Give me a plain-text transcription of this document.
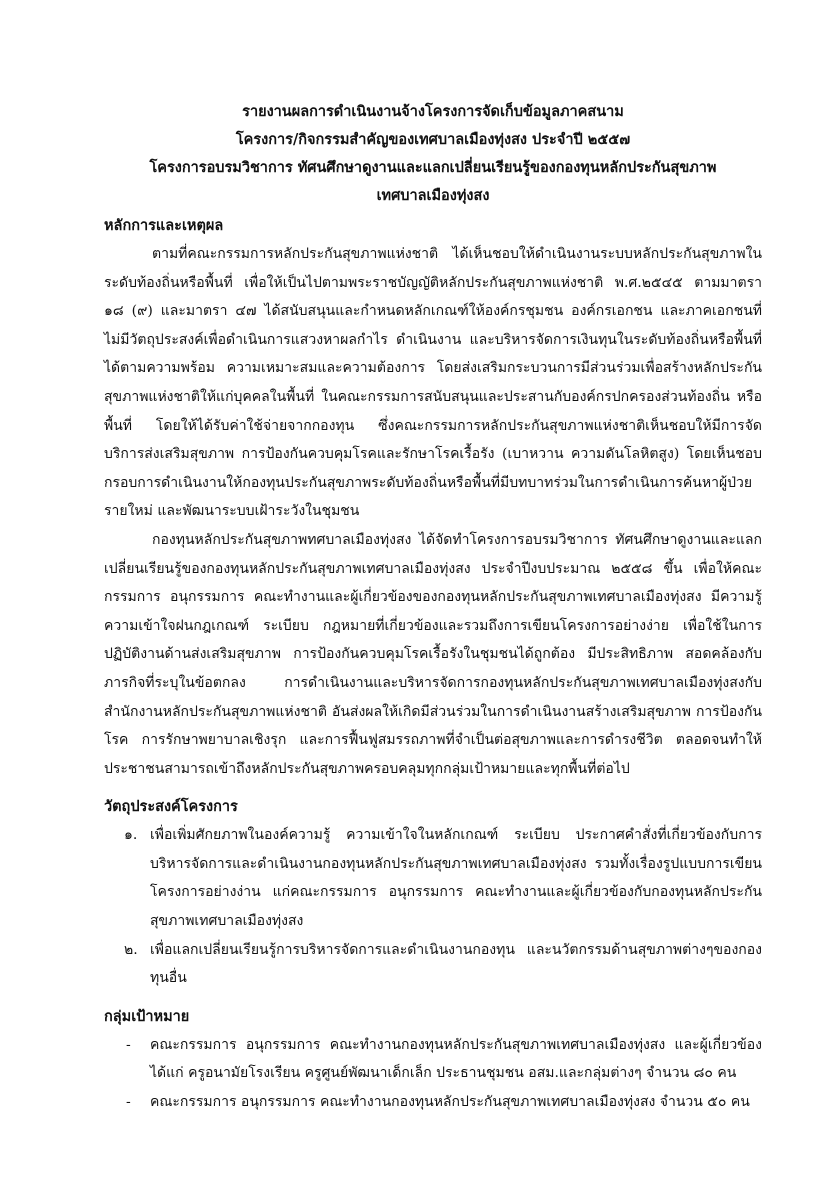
รายงานผลการดำเนินงานจ้างโครงการจัดเก็บข้อมูลภาคสนาม

โครงการ/กิจกรรมสำคัญของเทศบาลเมืองทุ่งสง ประจำปี ๒๕๕๗

โครงการอบรมวิชาการ ทัศนศึกษาดูงานและแลกเปลี่ยนเรียนรู้ของกองทุนหลักประกันสุขภาพ

เทศบาลเมืองทุ่งสง

หลักการและเหตุผล

ตามที่คณะกรรมการหลักประกันสุขภาพแห่งชาติ ได้เห็นชอบให้ดำเนินงานระบบหลักประกันสุขภาพในระดับท้องถิ่นหรือพื้นที่ เพื่อให้เป็นไปตามพระราชบัญญัติหลักประกันสุขภาพแห่งชาติ พ.ศ.๒๕๔๕ ตามมาตรา ๑๘ (๙) และมาตรา ๔๗ ได้สนับสนุนและกำหนดหลักเกณฑ์ให้องค์กรชุมชน องค์กรเอกชน และภาคเอกชนที่ไม่มีวัตถุประสงค์เพื่อดำเนินการแสวงหาผลกำไร ดำเนินงาน และบริหารจัดการเงินทุนในระดับท้องถิ่นหรือพื้นที่ได้ตามความพร้อม ความเหมาะสมและความต้องการ โดยส่งเสริมกระบวนการมีส่วนร่วมเพื่อสร้างหลักประกันสุขภาพแห่งชาติให้แก่บุคคลในพื้นที่ ในคณะกรรมการสนับสนุนและประสานกับองค์กรปกครองส่วนท้องถิ่น หรือพื้นที่ โดยให้ได้รับค่าใช้จ่ายจากกองทุน ซึ่งคณะกรรมการหลักประกันสุขภาพแห่งชาติเห็นชอบให้มีการจัดบริการส่งเสริมสุขภาพ การป้องกันควบคุมโรคและรักษาโรคเรื้อรัง (เบาหวาน ความดันโลหิตสูง) โดยเห็นชอบกรอบการดำเนินงานให้กองทุนประกันสุขภาพระดับท้องถิ่นหรือพื้นที่มีบทบาทร่วมในการดำเนินการค้นหาผู้ป่วยรายใหม่ และพัฒนาระบบเฝ้าระวังในชุมชน

กองทุนหลักประกันสุขภาพทศบาลเมืองทุ่งสง ได้จัดทำโครงการอบรมวิชาการ ทัศนศึกษาดูงานและแลกเปลี่ยนเรียนรู้ของกองทุนหลักประกันสุขภาพเทศบาลเมืองทุ่งสง ประจำปีงบประมาณ ๒๕๕๘ ขึ้น เพื่อให้คณะกรรมการ อนุกรรมการ คณะทำงานและผู้เกี่ยวข้องของกองทุนหลักประกันสุขภาพเทศบาลเมืองทุ่งสง มีความรู้ ความเข้าใจฝนกฎเกณฑ์ ระเบียบ กฎหมายที่เกี่ยวข้องและรวมถึงการเขียนโครงการอย่างง่าย เพื่อใช้ในการปฏิบัติงานด้านส่งเสริมสุขภาพ การป้องกันควบคุมโรคเรื้อรังในชุมชนได้ถูกต้อง มีประสิทธิภาพ สอดคล้องกับภารกิจที่ระบุในข้อตกลง การดำเนินงานและบริหารจัดการกองทุนหลักประกันสุขภาพเทศบาลเมืองทุ่งสงกับสำนักงานหลักประกันสุขภาพแห่งชาติ อันส่งผลให้เกิดมีส่วนร่วมในการดำเนินงานสร้างเสริมสุขภาพ การป้องกันโรค การรักษาพยาบาลเชิงรุก และการฟื้นฟูสมรรถภาพที่จำเป็นต่อสุขภาพและการดำรงชีวิต ตลอดจนทำให้ประชาชนสามารถเข้าถึงหลักประกันสุขภาพครอบคลุมทุกกลุ่มเป้าหมายและทุกพื้นที่ต่อไป

วัตถุประสงค์โครงการ

๑. เพื่อเพิ่มศักยภาพในองค์ความรู้ ความเข้าใจในหลักเกณฑ์ ระเบียบ ประกาศคำสั่งที่เกี่ยวข้องกับการบริหารจัดการและดำเนินงานกองทุนหลักประกันสุขภาพเทศบาลเมืองทุ่งสง รวมทั้งเรื่องรูปแบบการเขียนโครงการอย่างง่าน แก่คณะกรรมการ อนุกรรมการ คณะทำงานและผู้เกี่ยวข้องกับกองทุนหลักประกันสุขภาพเทศบาลเมืองทุ่งสง
๒. เพื่อแลกเปลี่ยนเรียนรู้การบริหารจัดการและดำเนินงานกองทุน และนวัตกรรมด้านสุขภาพต่างๆของกองทุนอื่น

กลุ่มเป้าหมาย

- คณะกรรมการ อนุกรรมการ คณะทำงานกองทุนหลักประกันสุขภาพเทศบาลเมืองทุ่งสง และผู้เกี่ยวข้อง ได้แก่ ครูอนามัยโรงเรียน ครูศูนย์พัฒนาเด็กเล็ก ประธานชุมชน อสม.และกลุ่มต่างๆ จำนวน ๘๐ คน
- คณะกรรมการ อนุกรรมการ คณะทำงานกองทุนหลักประกันสุขภาพเทศบาลเมืองทุ่งสง จำนวน ๕๐ คน
